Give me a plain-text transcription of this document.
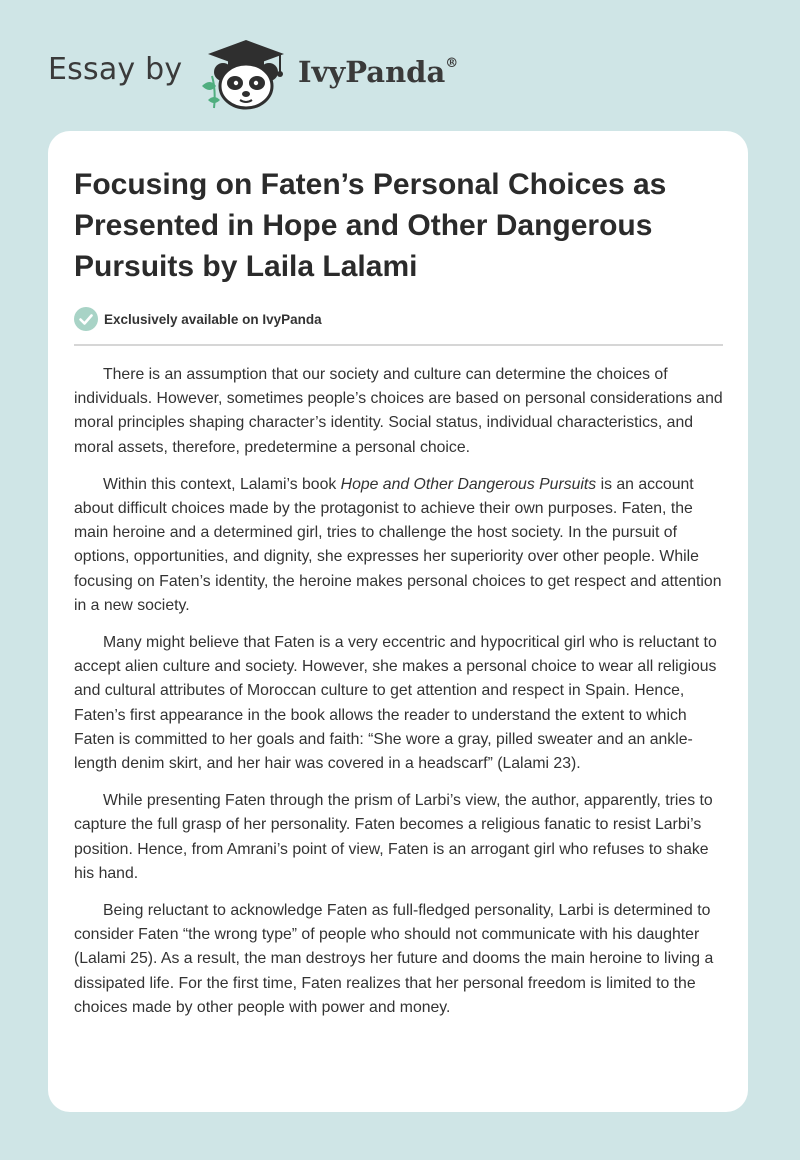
Essay by	IvyPanda®
Focusing on Faten’s Personal Choices as Presented in Hope and Other Dangerous Pursuits by Laila Lalami
Exclusively available on IvyPanda

There is an assumption that our society and culture can determine the choices of individuals. However, sometimes people’s choices are based on personal considerations and moral principles shaping character’s identity. Social status, individual characteristics, and moral assets, therefore, predetermine a personal choice.

Within this context, Lalami’s book Hope and Other Dangerous Pursuits is an account about difficult choices made by the protagonist to achieve their own purposes. Faten, the main heroine and a determined girl, tries to challenge the host society. In the pursuit of options, opportunities, and dignity, she expresses her superiority over other people. While focusing on Faten’s identity, the heroine makes personal choices to get respect and attention in a new society.

Many might believe that Faten is a very eccentric and hypocritical girl who is reluctant to accept alien culture and society. However, she makes a personal choice to wear all religious and cultural attributes of Moroccan culture to get attention and respect in Spain. Hence, Faten’s first appearance in the book allows the reader to understand the extent to which Faten is committed to her goals and faith: “She wore a gray, pilled sweater and an ankle-length denim skirt, and her hair was covered in a headscarf” (Lalami 23).

While presenting Faten through the prism of Larbi’s view, the author, apparently, tries to capture the full grasp of her personality. Faten becomes a religious fanatic to resist Larbi’s position. Hence, from Amrani’s point of view, Faten is an arrogant girl who refuses to shake his hand.

Being reluctant to acknowledge Faten as full-fledged personality, Larbi is determined to consider Faten “the wrong type” of people who should not communicate with his daughter (Lalami 25). As a result, the man destroys her future and dooms the main heroine to living a dissipated life. For the first time, Faten realizes that her personal freedom is limited to the choices made by other people with power and money.
